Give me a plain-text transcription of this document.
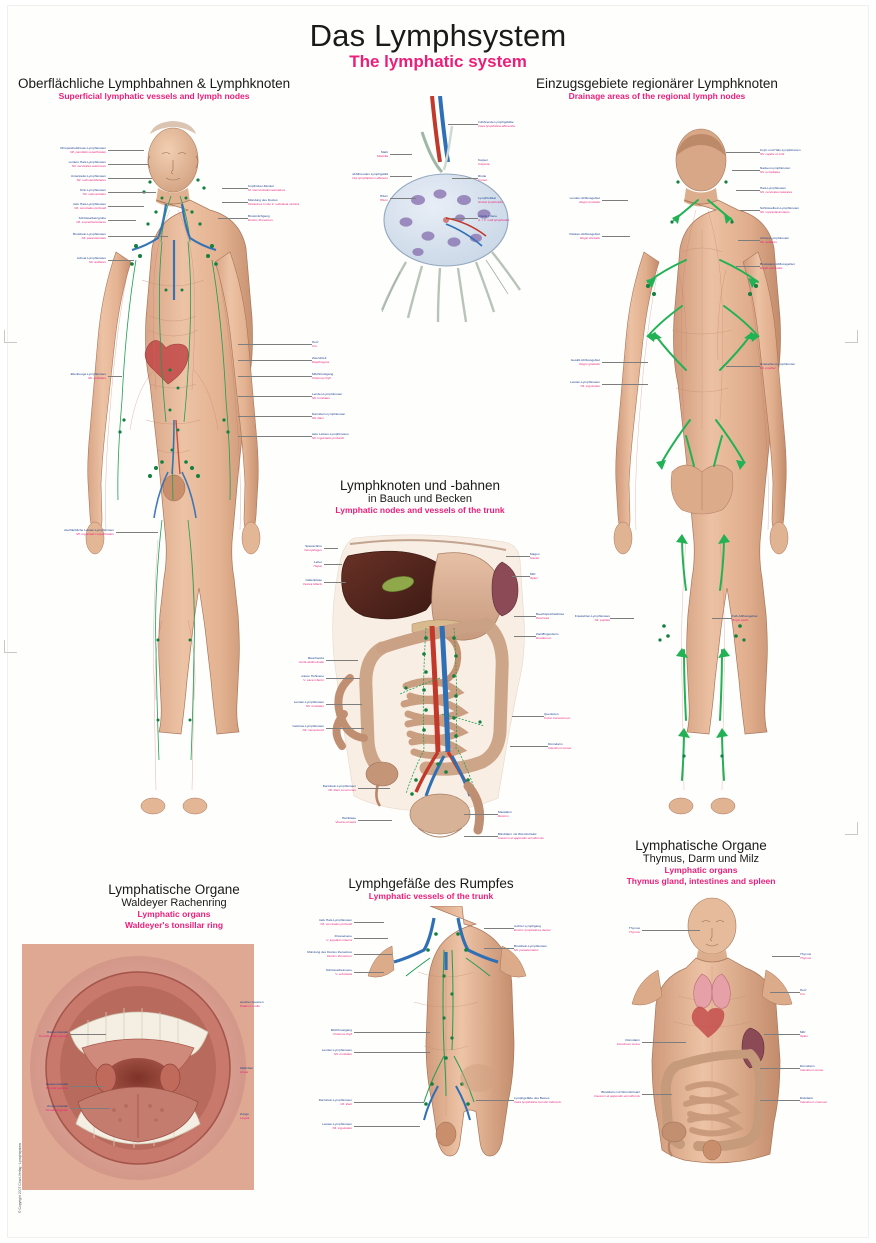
Das Lymphsystem
The lymphatic system
Oberflächliche Lymphbahnen & Lymphknoten
Superficial lymphatic vessels and lymph nodes
Einzugsgebiete regionärer Lymphknoten
Drainage areas of the regional lymph nodes
Lymphknoten und -bahnen
in Bauch und Becken
Lymphatic nodes and vessels of the trunk
Lymphatische Organe
Waldeyer Rachenring
Lymphatic organs
Waldeyer's tonsillar ring
Lymphgefäße des Rumpfes
Lymphatic vessels of the trunk
Lymphatische Organe
Thymus, Darm und Milz
Lymphatic organs
Thymus gland, intestines and spleen
Ohrspeicheldrüsen-Lymphknoten
Nll. parotidei superficiales
vordere Hals-Lymphknoten
Nll. cervicales anteriores
Unterkiefer-Lymphknoten
Nll. submandibulares
Kinn-Lymphknoten
Nll. submentales
tiefe Hals-Lymphknoten
Nll. cervicales profundi
Schlüsselbeingrube
Nll. supraclaviculares
Brustbein-Lymphknoten
Nll. parasternales
Achsel-Lymphknoten
Nll. axillares
Ellenbeuge-Lymphknoten
Nll. cubitales
oberflächliche Leisten-Lymphknoten
Nll. inguinales superficiales
Kopfnicker-Muskel
M. sternocleidomastoideus
Mündung des Ductus
thoracicus in die V. subclavia sinistra
Brustmilchgang
Ductus thoracicus
Herz
Cor
Zwerchfell
Diaphragma
Milchbrustgang
Cisterna chyli
Lenden-Lymphknoten
Nll. lumbales
Darmbein-Lymphknoten
Nll. iliaci
tiefe Leisten-Lymphknoten
Nll. inguinales profundi
zuführende Lymphgefäße
Vasa lymphatica afferentia
Kapsel
Capsula
Rinde
Cortex
Lymphfollikel
Noduli lymphoidei
Mark
Medulla
abführendes Lymphgefäß
Vas lymphaticum efferens
Hilum
Hilum
Arterie / Vene
A. / V. nodi lymphoidei
Kopf- und Hals-Lymphknoten
Nll. capitis et colli
Nacken-Lymphknoten
Nll. occipitales
Hals-Lymphknoten
Nll. cervicales laterales
Schlüsselbein-Lymphknoten
Nll. supraclaviculares
Achsel-Lymphknoten
Nll. axillares
Brustwand-Abflussgebiet
Regio pectoralis
Rücken-Abflussgebiet
Regio dorsalis
Lenden-Abflussgebiet
Regio lumbalis
Gesäß-Abflussgebiet
Regio glutealis
Leisten-Lymphknoten
Nll. inguinales
Kniekehlen-Lymphknoten
Nll. poplitei
Fuß-Abflussgebiet
Regio pedis
Kniekehlen-Lymphknoten
Nll. poplitei
Speiseröhre
Oesophagus
Leber
Hepar
Gallenblase
Vesica biliaris
Magen
Gaster
Milz
Splen
Bauchspeicheldrüse
Pancreas
Zwölffingerdarm
Duodenum
Querkolon
Colon transversum
Dünndarm
Intestinum tenue
Bauchaorta
Aorta abdominalis
untere Hohlvene
V. cava inferior
Lenden-Lymphknoten
Nll. lumbales
Gekröse-Lymphknoten
Nll. mesenterici
Darmbein-Lymphknoten
Nll. iliaci communes
Harnblase
Vesica urinaria
Mastdarm
Rectum
Blinddarm mit Wurmfortsatz
Caecum et appendix vermiformis
Rachenmandel
Tonsilla pharyngealis
Gaumenmandel
Tonsilla palatina
Zungenmandel
Tonsilla lingualis
weicher Gaumen
Palatum molle
Zäpfchen
Uvula
Zunge
Lingua
tiefe Hals-Lymphknoten
Nll. cervicales profundi
Drosselvene
V. jugularis interna
Mündung des Ductus thoracicus
Ductus thoracicus
Schlüsselbeinvene
V. subclavia
rechter Lymphgang
Ductus lymphaticus dexter
Brustbein-Lymphknoten
Nll. parasternales
Milchbrustgang
Cisterna chyli
Lenden-Lymphknoten
Nll. lumbales
Darmbein-Lymphknoten
Nll. iliaci
Leisten-Lymphknoten
Nll. inguinales
Lymphgefäße des Beines
Vasa lymphatica membri inferioris
Thymus
Thymus
Herz
Cor
Milz
Splen
Dünndarm
Intestinum tenue
Dickdarm
Intestinum crassum
Blinddarm mit Wurmfortsatz
Caecum et appendix vermiformis
Thymus
Thymus
Dünndarm
Intestinum tenue
© Copyright 2007 Chart-Verlag · Lymphsystem
